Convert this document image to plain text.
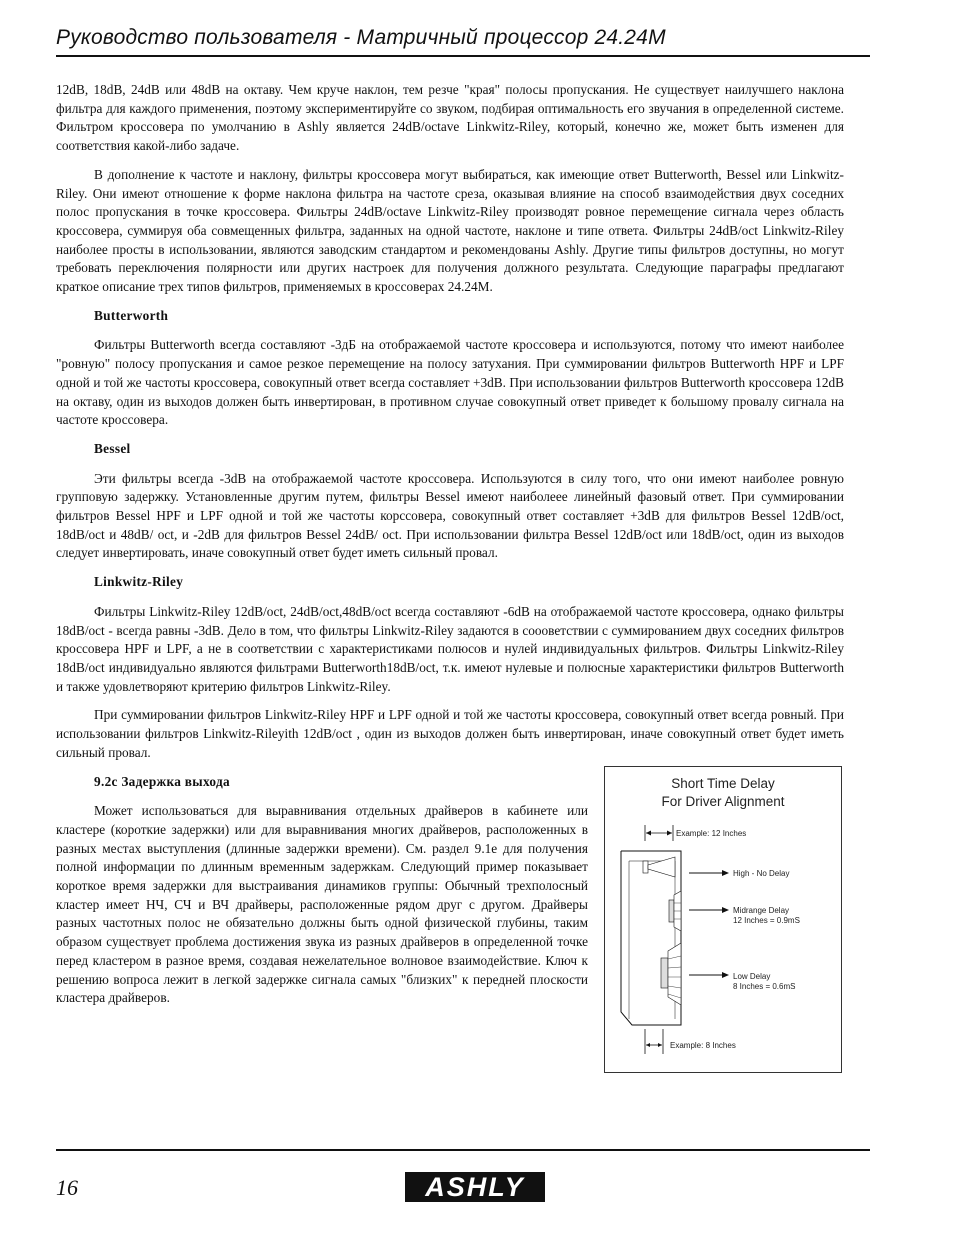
Руководство пользователя - Матричный процессор 24.24M

12dB, 18dB, 24dB или 48dB на октаву. Чем круче наклон, тем резче "края" полосы пропускания. Не существует наилучшего наклона фильтра для каждого применения, поэтому экспериментируйте со звуком, подбирая оптимальность его звучания в определенной системе. Фильтром кроссовера по умолчанию в Ashly является 24dB/octave Linkwitz-Riley, который, конечно же, может быть изменен для соответствия какой-либо задаче.

В дополнение к частоте и наклону, фильтры кроссовера могут выбираться, как имеющие ответ Butterworth, Bessel или Linkwitz-Riley. Они имеют отношение к форме наклона фильтра на частоте среза, оказывая влияние на способ взаимодействия двух соседних полос пропускания в точке кроссовера. Фильтры 24dB/octave Linkwitz-Riley производят ровное перемещение сигнала через область кроссовера, суммируя оба совмещенных фильтра, заданных на одной частоте, наклоне и типе ответа. Фильтры 24dB/oct Linkwitz-Riley наиболее просты в использовании, являются заводским стандартом и рекомендованы Ashly. Другие типы фильтров доступны, но могут требовать переключения полярности или других настроек для получения должного результата. Следующие параграфы предлагают краткое описание трех типов фильтров, применяемых в кроссоверах 24.24M.

Butterworth

Фильтры Butterworth всегда составляют -3дБ на отображаемой частоте кроссовера и используются, потому что имеют наиболее "ровную" полосу пропускания и самое резкое перемещение на полосу затухания. При суммировании фильтров Butterworth HPF и LPF одной и той же частоты кроссовера, совокупный ответ всегда составляет +3dB. При использовании фильтров Butterworth кроссовера 12dB на октаву, один из выходов должен быть инвертирован, в противном случае совокупный ответ приведет к большому провалу сигнала на частоте кроссовера.

Bessel

Эти фильтры всегда -3dB на отображаемой частоте кроссовера. Используются в силу того, что они имеют наиболее ровную групповую задержку. Установленные другим путем, фильтры Bessel имеют наиболееe линейный фазовый ответ. При суммировании фильтров Bessel HPF и LPF одной и той же частоты корссовера, совокупный ответ составляет +3dB для фильтров Bessel 12dB/oct, 18dB/oct и 48dB/ oct, и -2dB для фильтров Bessel 24dB/ oct. При использовании фильтра Bessel 12dB/oct или 18dB/oct, один из выходов следует инвертировать, иначе совокупный ответ будет иметь сильный провал.

Linkwitz-Riley

Фильтры Linkwitz-Riley 12dB/oct, 24dB/oct,48dB/oct всегда составляют -6dB на отображаемой частоте кроссовера, однако фильтры 18dB/oct - всегда равны -3dB. Дело в том, что фильтры Linkwitz-Riley задаются в соооветствии с суммированием двух соседних фильтров кроссовера HPF и LPF, а не в соответствии с характеристиками полюсов и нулей индивидуальных фильтров. Фильтры Linkwitz-Riley 18dB/oct индивидуально являются фильтрами Butterworth18dB/oct, т.к. имеют нулевые и полюсные характеристики фильтров Butterworth и также удовлетворяют критерию фильтров Linkwitz-Riley.

При суммировании фильтров Linkwitz-Riley HPF и LPF одной и той же частоты кроссовера, совокупный ответ всегда ровный. При использовании фильтров Linkwitz-Rileyith 12dB/oct , один из выходов должен быть инвертирован, иначе совокупный ответ будет иметь сильный провал.

9.2c Задержка выхода

Может использоваться для выравнивания отдельных драйверов в кабинете или кластере (короткие задержки) или для выравнивания многих драйверов, расположенных в разных местах выступления (длинные задержки времени). См. раздел 9.1e для получения полной информации по длинным временным задержкам. Следующий пример показывает короткое время задержки для выстраивания динамиков группы: Обычный трехполосный кластер имеет НЧ, СЧ и ВЧ драйверы, расположенные рядом друг с другом. Драйверы разных частотных полос не обязательно должны быть одной физической глубины, таким образом существует проблема достижения звука из разных драйверов в определенной точке перед кластером в разное время, создавая нежелательное волновое взаимодействие. Ключ к решению вопроса лежит в легкой задержке сигнала самых "близких" к передней плоскости кластера драйверов.

Short Time Delay
For Driver Alignment
Example: 12 Inches
High - No Delay
Midrange Delay
12 Inches = 0.9mS
Low Delay
8 Inches = 0.6mS
Example: 8 Inches
16	ASHLY
